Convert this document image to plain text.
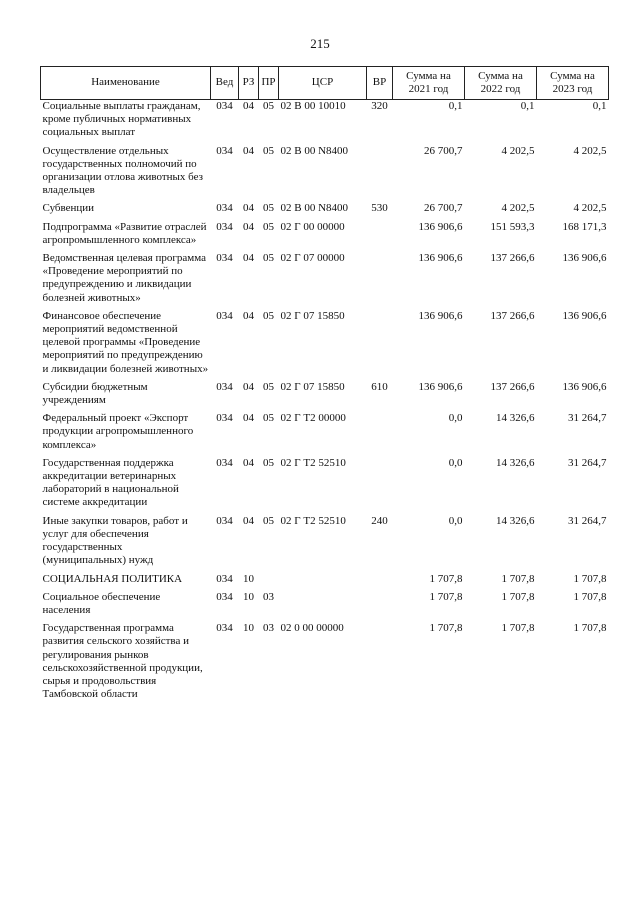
215
Наименование	Вед	РЗ	ПР	ЦСР	ВР	Сумма на 2021 год	Сумма на 2022 год	Сумма на 2023 год
Социальные выплаты гражданам, кроме публичных нормативных социальных выплат	034	04	05	02 В 00 10010	320	0,1	0,1	0,1
Осуществление отдельных государственных полномочий по организации отлова животных без владельцев	034	04	05	02 В 00 N8400		26 700,7	4 202,5	4 202,5
Субвенции	034	04	05	02 В 00 N8400	530	26 700,7	4 202,5	4 202,5
Подпрограмма «Развитие отраслей агропромышленного комплекса»	034	04	05	02 Г 00 00000		136 906,6	151 593,3	168 171,3
Ведомственная целевая программа «Проведение мероприятий по предупреждению и ликвидации болезней животных»	034	04	05	02 Г 07 00000		136 906,6	137 266,6	136 906,6
Финансовое обеспечение мероприятий ведомственной целевой программы «Проведение мероприятий по предупреждению и ликвидации болезней животных»	034	04	05	02 Г 07 15850		136 906,6	137 266,6	136 906,6
Субсидии бюджетным учреждениям	034	04	05	02 Г 07 15850	610	136 906,6	137 266,6	136 906,6
Федеральный проект «Экспорт продукции агропромышленного комплекса»	034	04	05	02 Г Т2 00000		0,0	14 326,6	31 264,7
Государственная поддержка аккредитации ветеринарных лабораторий в национальной системе аккредитации	034	04	05	02 Г Т2 52510		0,0	14 326,6	31 264,7
Иные закупки товаров, работ и услуг для обеспечения государственных (муниципальных) нужд	034	04	05	02 Г Т2 52510	240	0,0	14 326,6	31 264,7
СОЦИАЛЬНАЯ ПОЛИТИКА	034	10				1 707,8	1 707,8	1 707,8
Социальное обеспечение населения	034	10	03			1 707,8	1 707,8	1 707,8
Государственная программа развития сельского хозяйства и регулирования рынков сельскохозяйственной продукции, сырья и продовольствия Тамбовской области	034	10	03	02 0 00 00000		1 707,8	1 707,8	1 707,8
